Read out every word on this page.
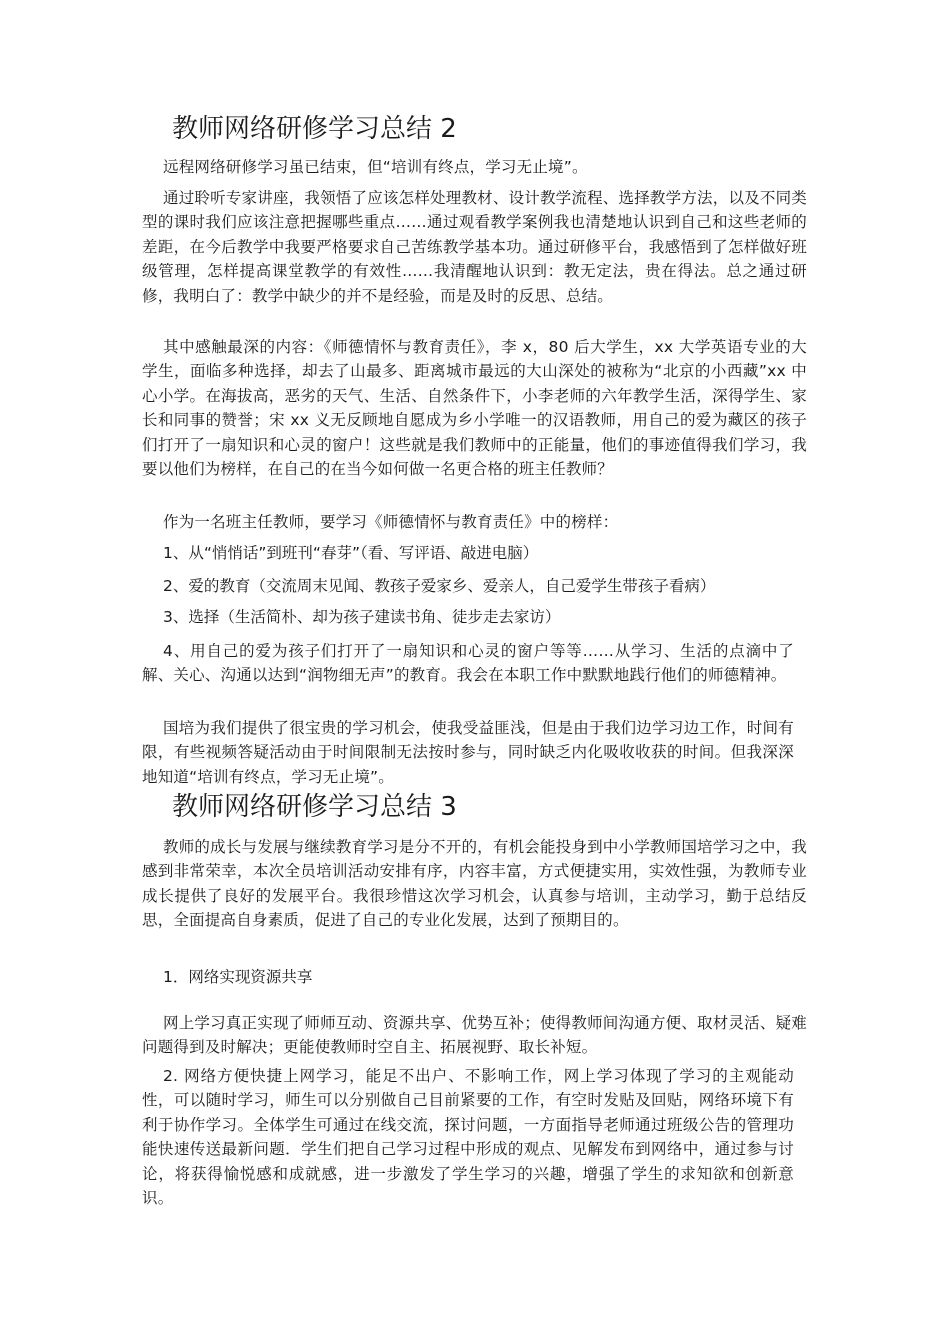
教师网络研修学习总结 2
远程网络研修学习虽已结束，但“培训有终点，学习无止境”。
通过聆听专家讲座，我领悟了应该怎样处理教材、设计教学流程、选择教学方法，以及不同类型的课时我们应该注意把握哪些重点……通过观看教学案例我也清楚地认识到自己和这些老师的差距，在今后教学中我要严格要求自己苦练教学基本功。通过研修平台，我感悟到了怎样做好班级管理，怎样提高课堂教学的有效性……我清醒地认识到：教无定法，贵在得法。总之通过研修，我明白了：教学中缺少的并不是经验，而是及时的反思、总结。
其中感触最深的内容：《师德情怀与教育责任》，李 x，80 后大学生，xx 大学英语专业的大学生，面临多种选择，却去了山最多、距离城市最远的大山深处的被称为“北京的小西藏”xx 中心小学。在海拔高，恶劣的天气、生活、自然条件下，小李老师的六年教学生活，深得学生、家长和同事的赞誉；宋 xx 义无反顾地自愿成为乡小学唯一的汉语教师，用自己的爱为藏区的孩子们打开了一扇知识和心灵的窗户！这些就是我们教师中的正能量，他们的事迹值得我们学习，我要以他们为榜样，在自己的在当今如何做一名更合格的班主任教师？
作为一名班主任教师，要学习《师德情怀与教育责任》中的榜样：
1、从“悄悄话”到班刊“春芽”（看、写评语、敲进电脑）
2、爱的教育（交流周末见闻、教孩子爱家乡、爱亲人，自己爱学生带孩子看病）
3、选择（生活简朴、却为孩子建读书角、徒步走去家访）
4、用自己的爱为孩子们打开了一扇知识和心灵的窗户等等……从学习、生活的点滴中了解、关心、沟通以达到“润物细无声”的教育。我会在本职工作中默默地践行他们的师德精神。
国培为我们提供了很宝贵的学习机会，使我受益匪浅，但是由于我们边学习边工作，时间有限，有些视频答疑活动由于时间限制无法按时参与，同时缺乏内化吸收收获的时间。但我深深地知道“培训有终点，学习无止境”。
教师网络研修学习总结 3
教师的成长与发展与继续教育学习是分不开的，有机会能投身到中小学教师国培学习之中，我感到非常荣幸，本次全员培训活动安排有序，内容丰富，方式便捷实用，实效性强，为教师专业成长提供了良好的发展平台。我很珍惜这次学习机会，认真参与培训，主动学习，勤于总结反思，全面提高自身素质，促进了自己的专业化发展，达到了预期目的。
1．网络实现资源共享
网上学习真正实现了师师互动、资源共享、优势互补；使得教师间沟通方便、取材灵活、疑难问题得到及时解决；更能使教师时空自主、拓展视野、取长补短。
2. 网络方便快捷上网学习，能足不出户、不影响工作，网上学习体现了学习的主观能动性，可以随时学习，师生可以分别做自己目前紧要的工作，有空时发贴及回贴，网络环境下有利于协作学习。全体学生可通过在线交流，探讨问题，一方面指导老师通过班级公告的管理功能快速传送最新问题．学生们把自己学习过程中形成的观点、见解发布到网络中，通过参与讨论，将获得愉悦感和成就感，进一步激发了学生学习的兴趣，增强了学生的求知欲和创新意识。
